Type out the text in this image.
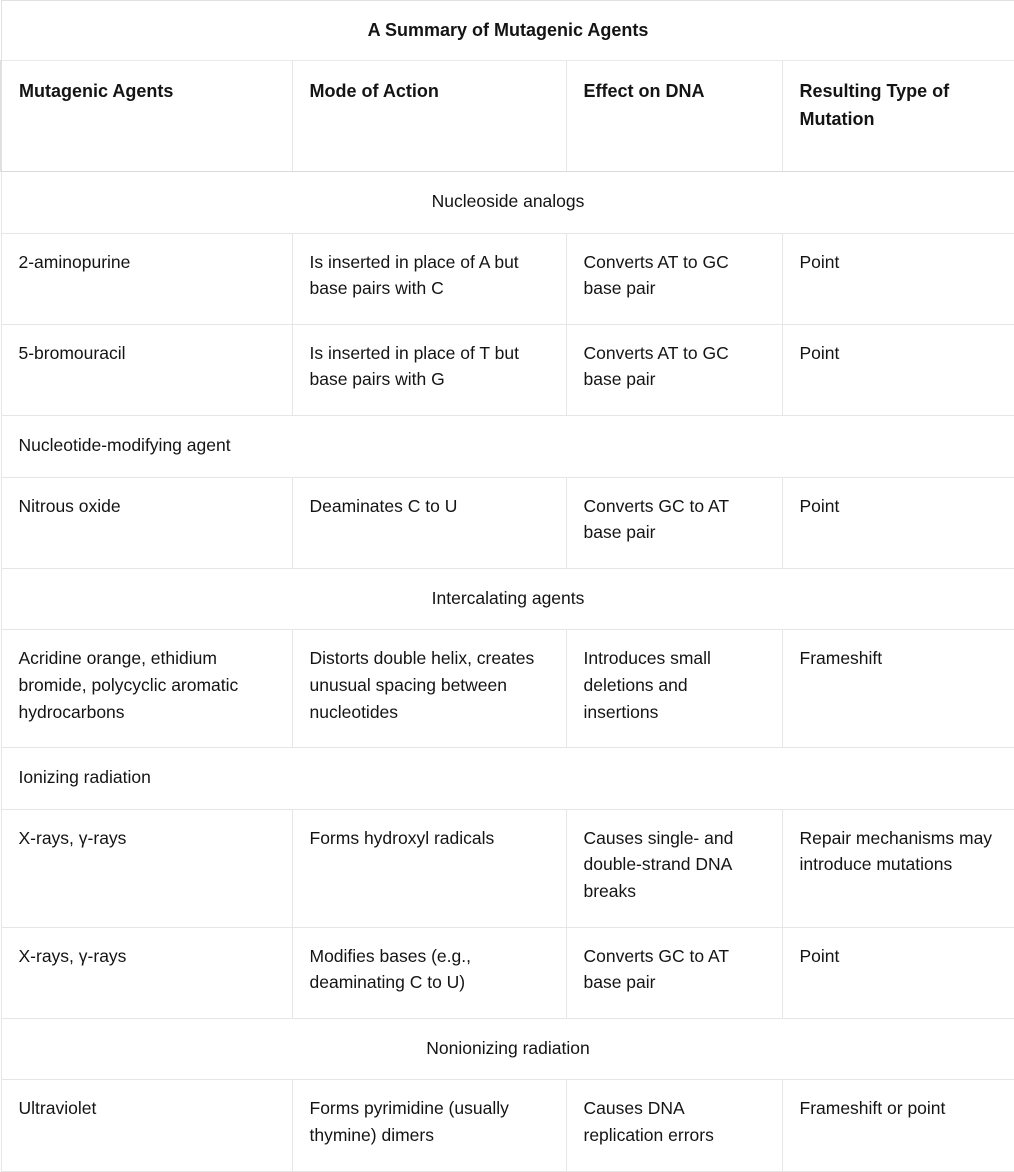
A Summary of Mutagenic Agents			
Mutagenic Agents	Mode of Action	Effect on DNA	Resulting Type of Mutation
Nucleoside analogs			

2-aminopurine	Is inserted in place of A but base pairs with C	Converts AT to GC base pair	Point

5-bromouracil	Is inserted in place of T but base pairs with G	Converts AT to GC base pair	Point

Nucleotide-modifying agent			

Nitrous oxide	Deaminates C to U	Converts GC to AT base pair	Point

Intercalating agents			

Acridine orange, ethidium bromide, polycyclic aromatic hydrocarbons	Distorts double helix, creates unusual spacing between nucleotides	Introduces small deletions and insertions	Frameshift

Ionizing radiation			

X-rays, γ-rays	Forms hydroxyl radicals	Causes single- and double-strand DNA breaks	Repair mechanisms may introduce mutations

X-rays, γ-rays	Modifies bases (e.g., deaminating C to U)	Converts GC to AT base pair	Point

Nonionizing radiation			

Ultraviolet	Forms pyrimidine (usually thymine) dimers	Causes DNA replication errors	Frameshift or point
